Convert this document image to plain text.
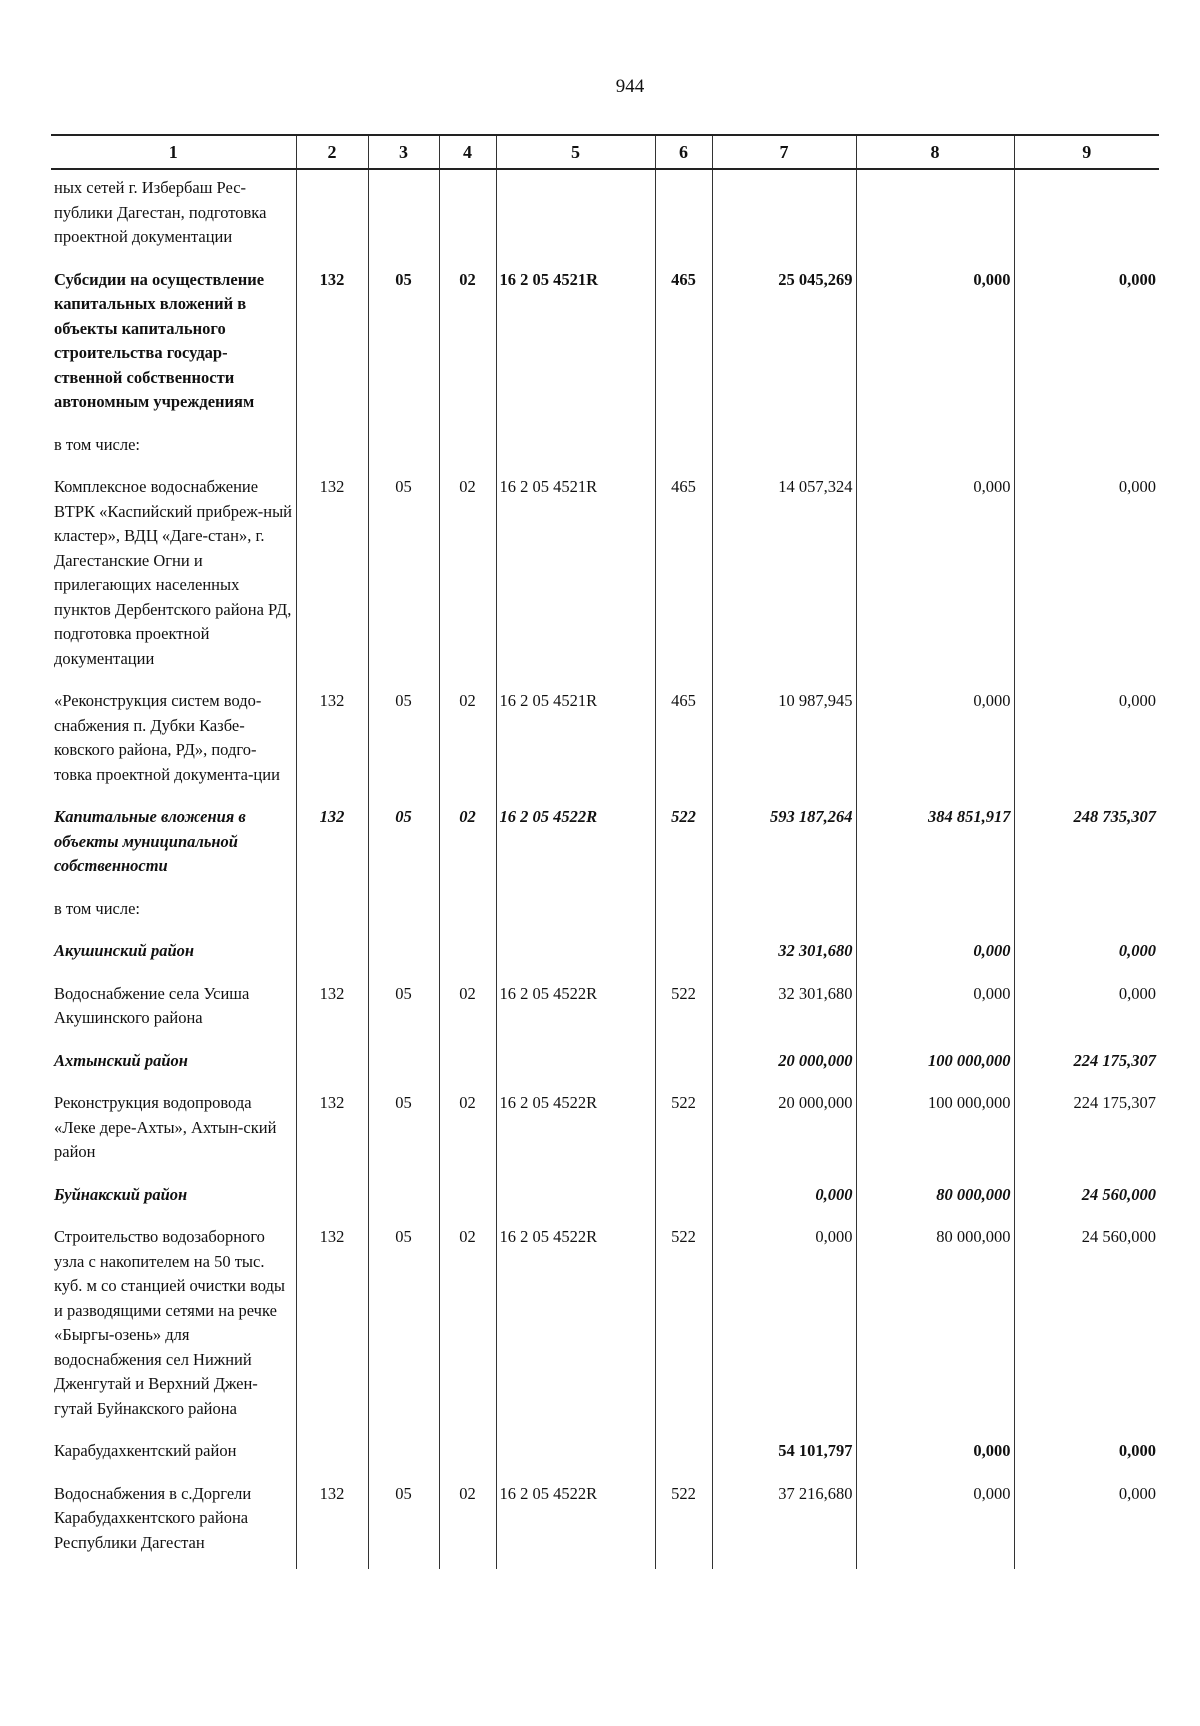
944
1	2	3	4	5	6	7	8	9
ных сетей г. Избербаш Рес-публики Дагестан, подготовка проектной документации								
Субсидии на осуществление капитальных вложений в объекты капитального строительства государ-ственной собственности автономным учреждениям	132	05	02	16 2 05 4521R	465	25 045,269	0,000	0,000
в том числе:								
Комплексное водоснабжение ВТРК «Каспийский прибреж-ный кластер», ВДЦ «Даге-стан», г. Дагестанские Огни и прилегающих населенных пунктов Дербентского района РД, подготовка проектной документации	132	05	02	16 2 05 4521R	465	14 057,324	0,000	0,000
«Реконструкция систем водо-снабжения п. Дубки Казбе-ковского района, РД», подго-товка проектной документа-ции	132	05	02	16 2 05 4521R	465	10 987,945	0,000	0,000
Капитальные вложения в объекты муниципальной собственности	132	05	02	16 2 05 4522R	522	593 187,264	384 851,917	248 735,307
в том числе:								
Акушинский район						32 301,680	0,000	0,000
Водоснабжение села Усиша Акушинского района	132	05	02	16 2 05 4522R	522	32 301,680	0,000	0,000
Ахтынский район						20 000,000	100 000,000	224 175,307
Реконструкция водопровода «Леке дере-Ахты», Ахтын-ский район	132	05	02	16 2 05 4522R	522	20 000,000	100 000,000	224 175,307
Буйнакский район						0,000	80 000,000	24 560,000
Строительство водозаборного узла с накопителем на 50 тыс. куб. м со станцией очистки воды и разводящими сетями на речке «Быргы-озень» для водоснабжения сел Нижний Дженгутай и Верхний Джен-гутай Буйнакского района	132	05	02	16 2 05 4522R	522	0,000	80 000,000	24 560,000
Карабудахкентский район						54 101,797	0,000	0,000
Водоснабжения в с.Доргели Карабудахкентского района Республики Дагестан	132	05	02	16 2 05 4522R	522	37 216,680	0,000	0,000
